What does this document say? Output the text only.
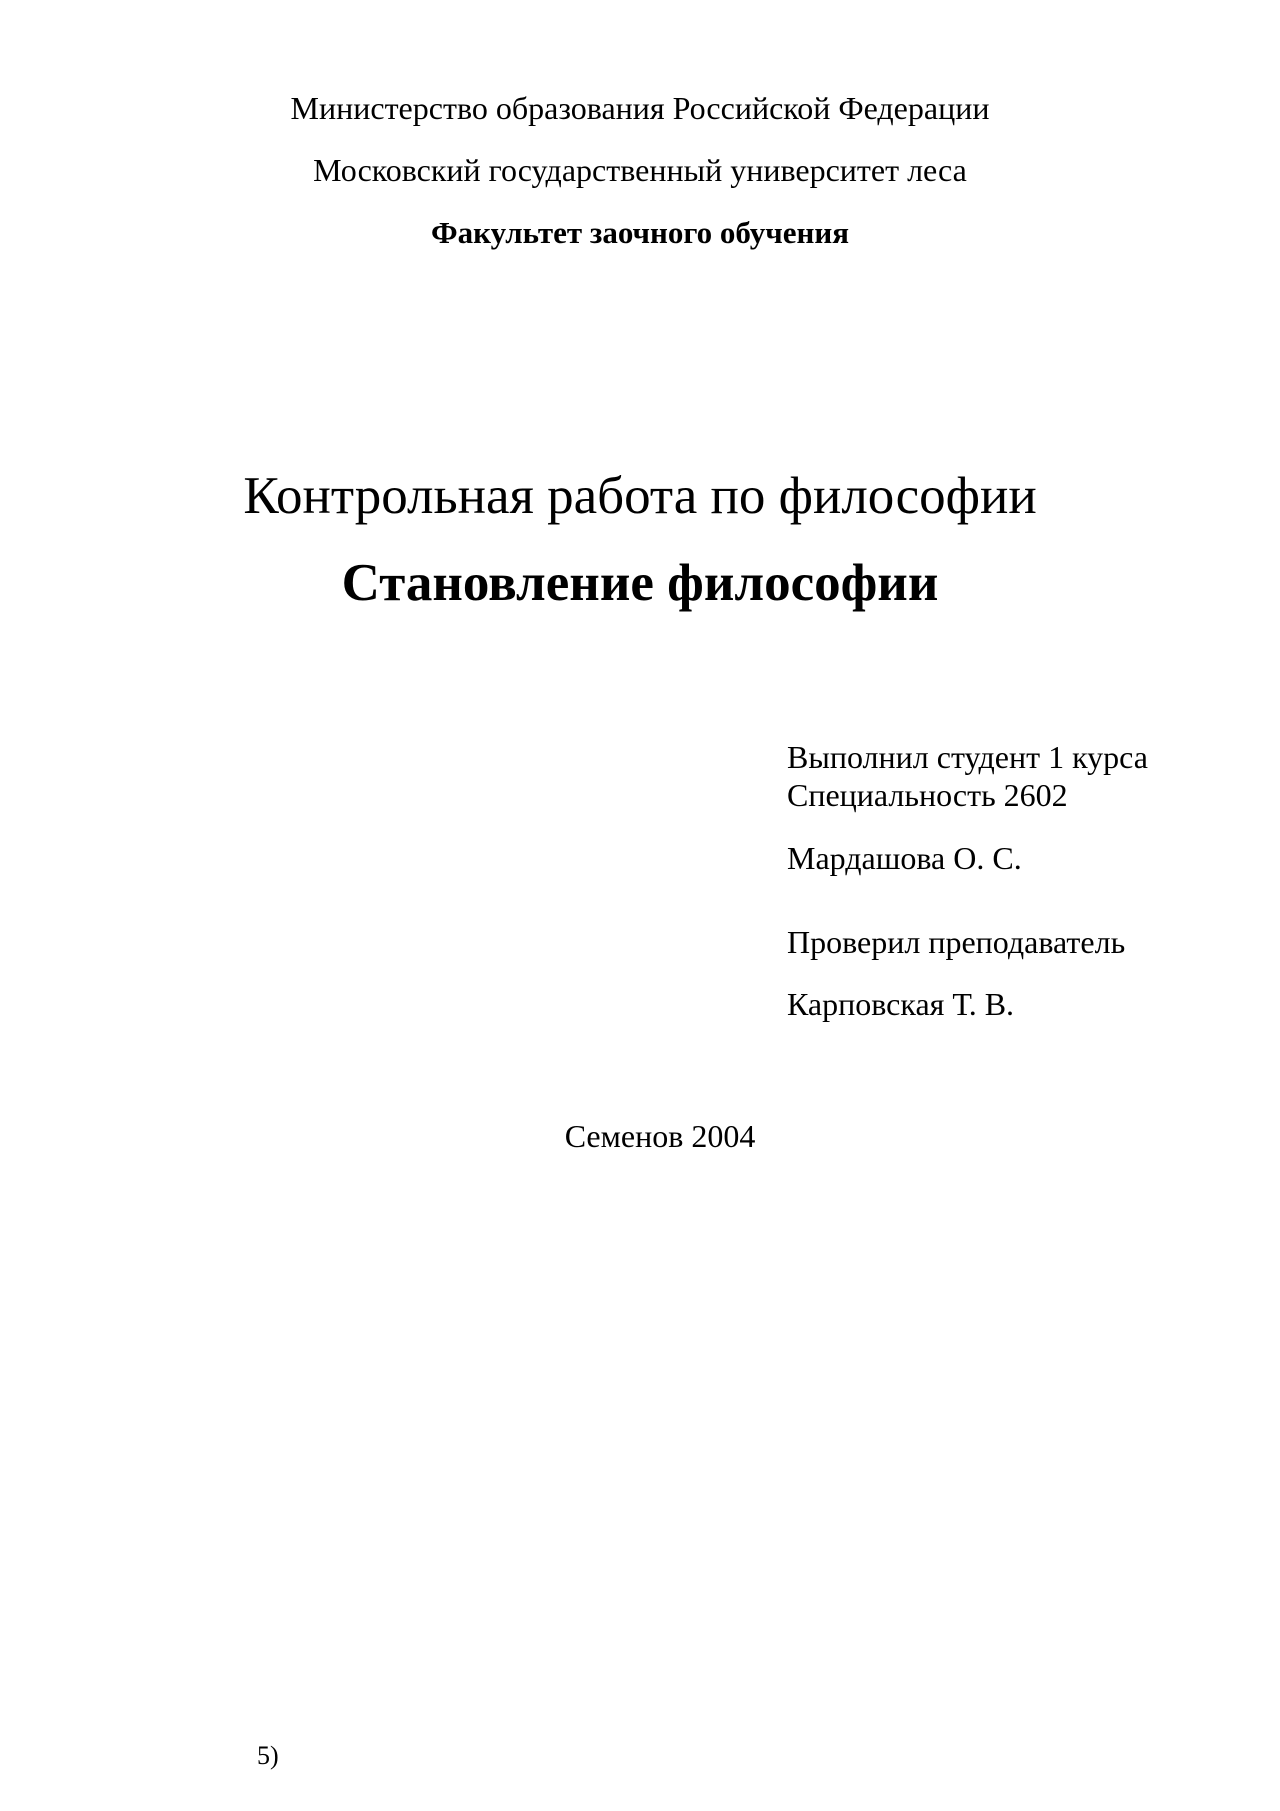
Министерство образования Российской Федерации
Московский государственный университет леса
Факультет заочного обучения
Контрольная работа по философии
Становление философии
Выполнил студент 1 курса
Специальность 2602
Мардашова О. С.
Проверил преподаватель
Карповская Т. В.
Семенов 2004
5)
